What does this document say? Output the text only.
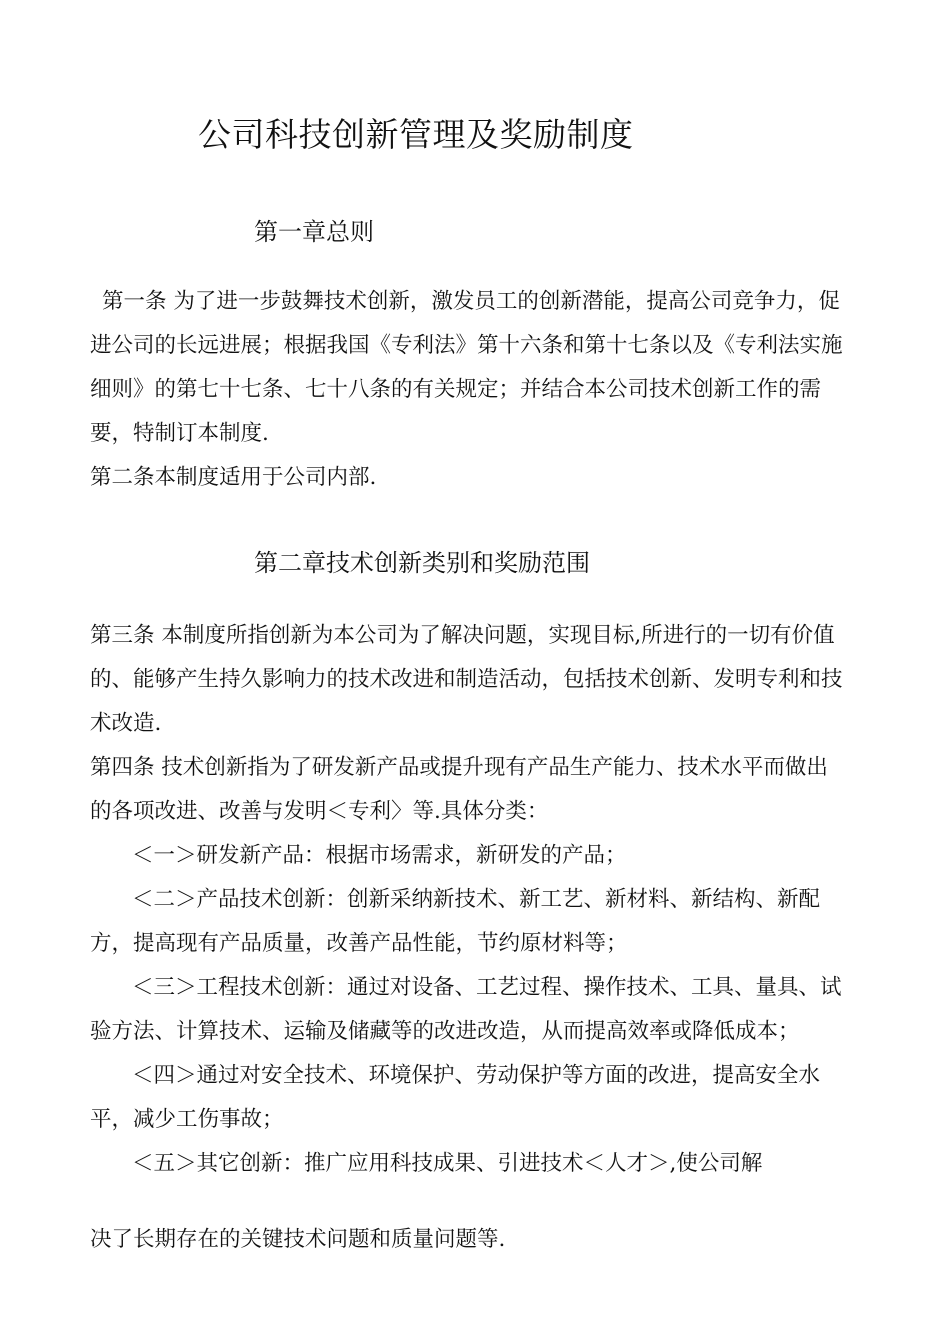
公司科技创新管理及奖励制度
第一章总则
第一条 为了进一步鼓舞技术创新，激发员工的创新潜能，提高公司竞争力，促
进公司的长远进展；根据我国《专利法》第十六条和第十七条以及《专利法实施
细则》的第七十七条、七十八条的有关规定；并结合本公司技术创新工作的需
要，特制订本制度.
第二条本制度适用于公司内部.
第二章技术创新类别和奖励范围
第三条 本制度所指创新为本公司为了解决问题，实现目标,所进行的一切有价值
的、能够产生持久影响力的技术改进和制造活动，包括技术创新、发明专利和技
术改造.
第四条 技术创新指为了研发新产品或提升现有产品生产能力、技术水平而做出
的各项改进、改善与发明＜专利〉等.具体分类：
＜一＞研发新产品：根据市场需求，新研发的产品；
＜二＞产品技术创新：创新采纳新技术、新工艺、新材料、新结构、新配
方，提高现有产品质量，改善产品性能，节约原材料等；
＜三＞工程技术创新：通过对设备、工艺过程、操作技术、工具、量具、试
验方法、计算技术、运输及储藏等的改进改造，从而提高效率或降低成本；
＜四＞通过对安全技术、环境保护、劳动保护等方面的改进，提高安全水
平，减少工伤事故；
＜五＞其它创新：推广应用科技成果、引进技术＜人才＞,使公司解
决了长期存在的关键技术问题和质量问题等.
